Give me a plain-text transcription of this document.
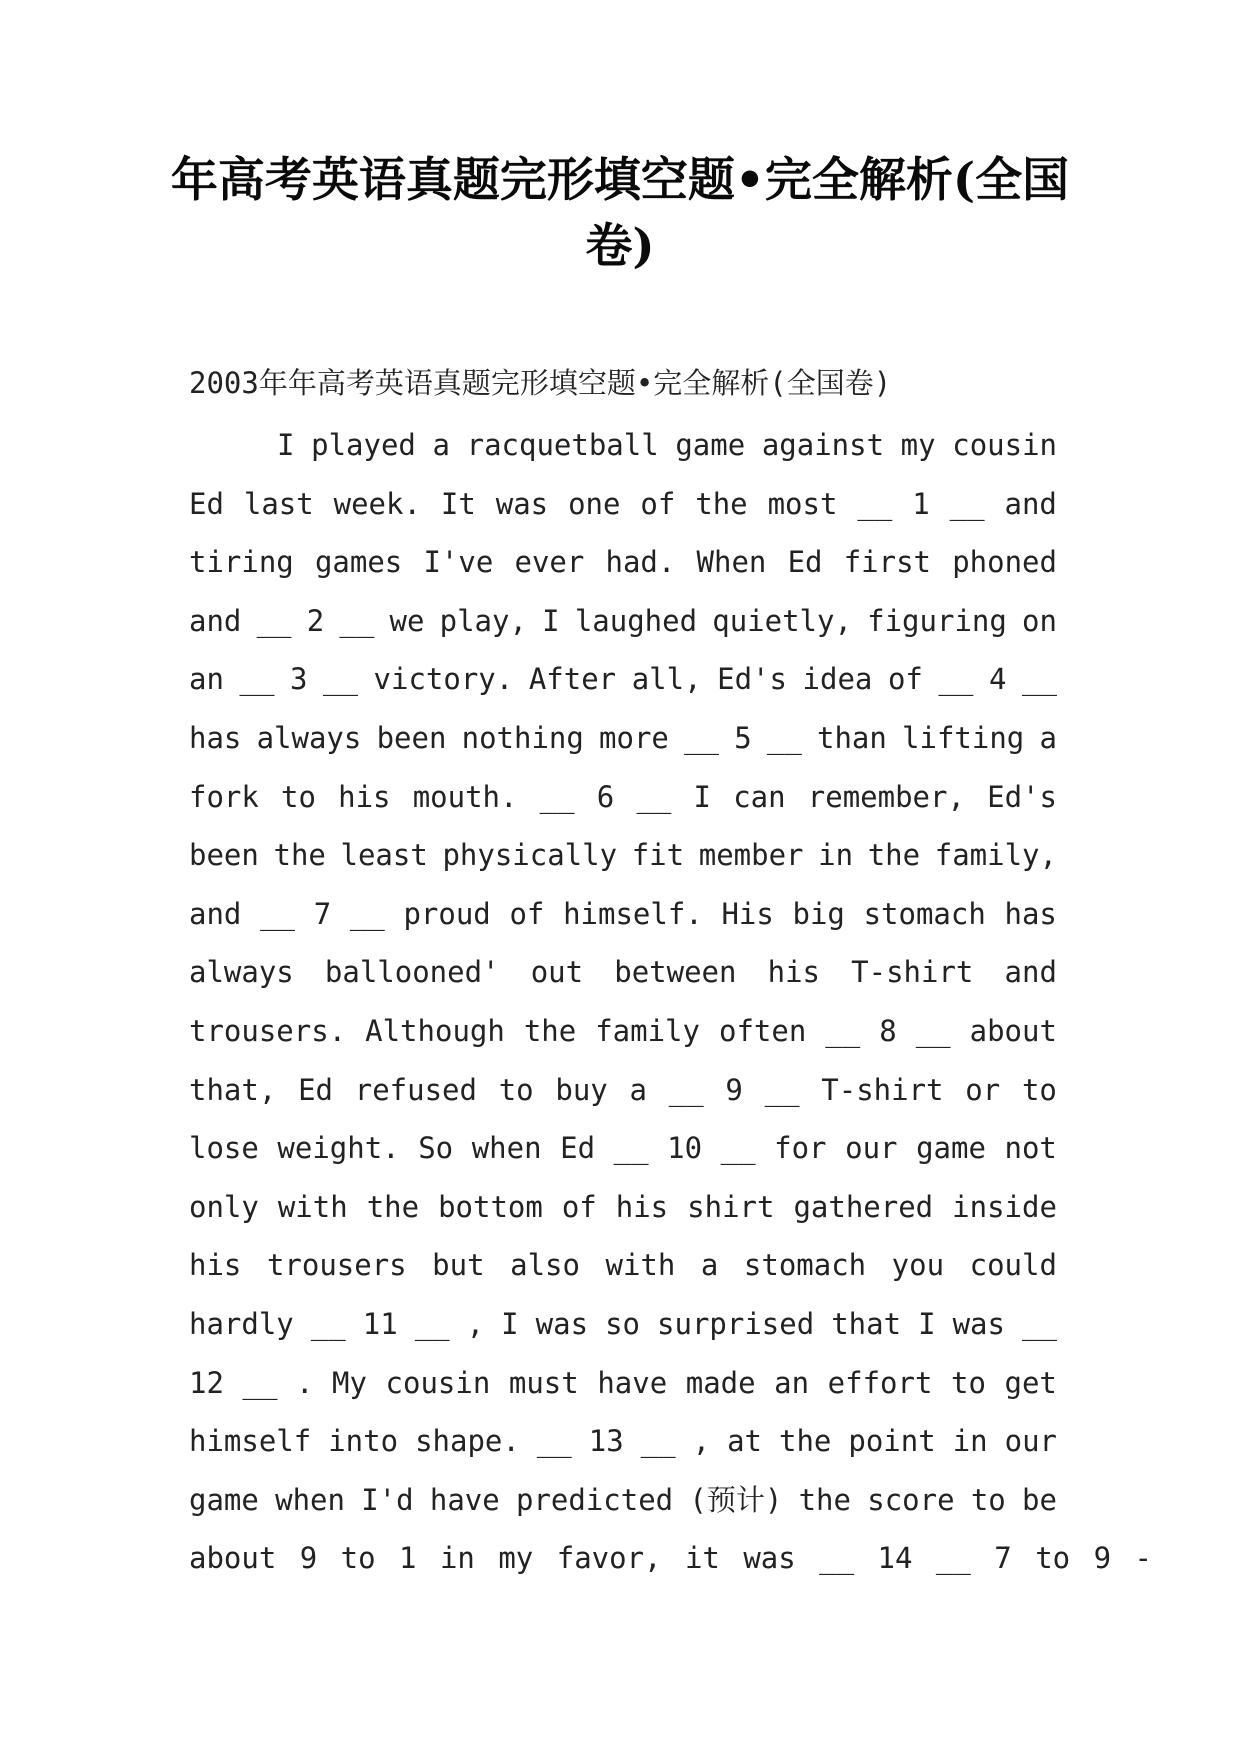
年高考英语真题完形填空题•完全解析(全国卷)

2003年年高考英语真题完形填空题•完全解析(全国卷)

I played a racquetball game against my cousin
Ed last week. It was one of the most __ 1 __ and
tiring games I've ever had. When Ed first phoned
and __ 2 __ we play, I laughed quietly, figuring on
an __ 3 __ victory. After all, Ed's idea of __ 4 __
has always been nothing more __ 5 __ than lifting a
fork to his mouth. __ 6 __ I can remember, Ed's
been the least physically fit member in the family,
and __ 7 __ proud of himself. His big stomach has
always ballooned' out between his T-shirt and
trousers. Although the family often __ 8 __ about
that, Ed refused to buy a __ 9 __ T-shirt or to
lose weight. So when Ed __ 10 __ for our game not
only with the bottom of his shirt gathered inside
his trousers but also with a stomach you could
hardly __ 11 __ , I was so surprised that I was __
12 __ . My cousin must have made an effort to get
himself into shape. __ 13 __ , at the point in our
game when I'd have predicted (预计) the score to be
about 9 to 1 in my favor, it was __ 14 __ 7 to 9 -
